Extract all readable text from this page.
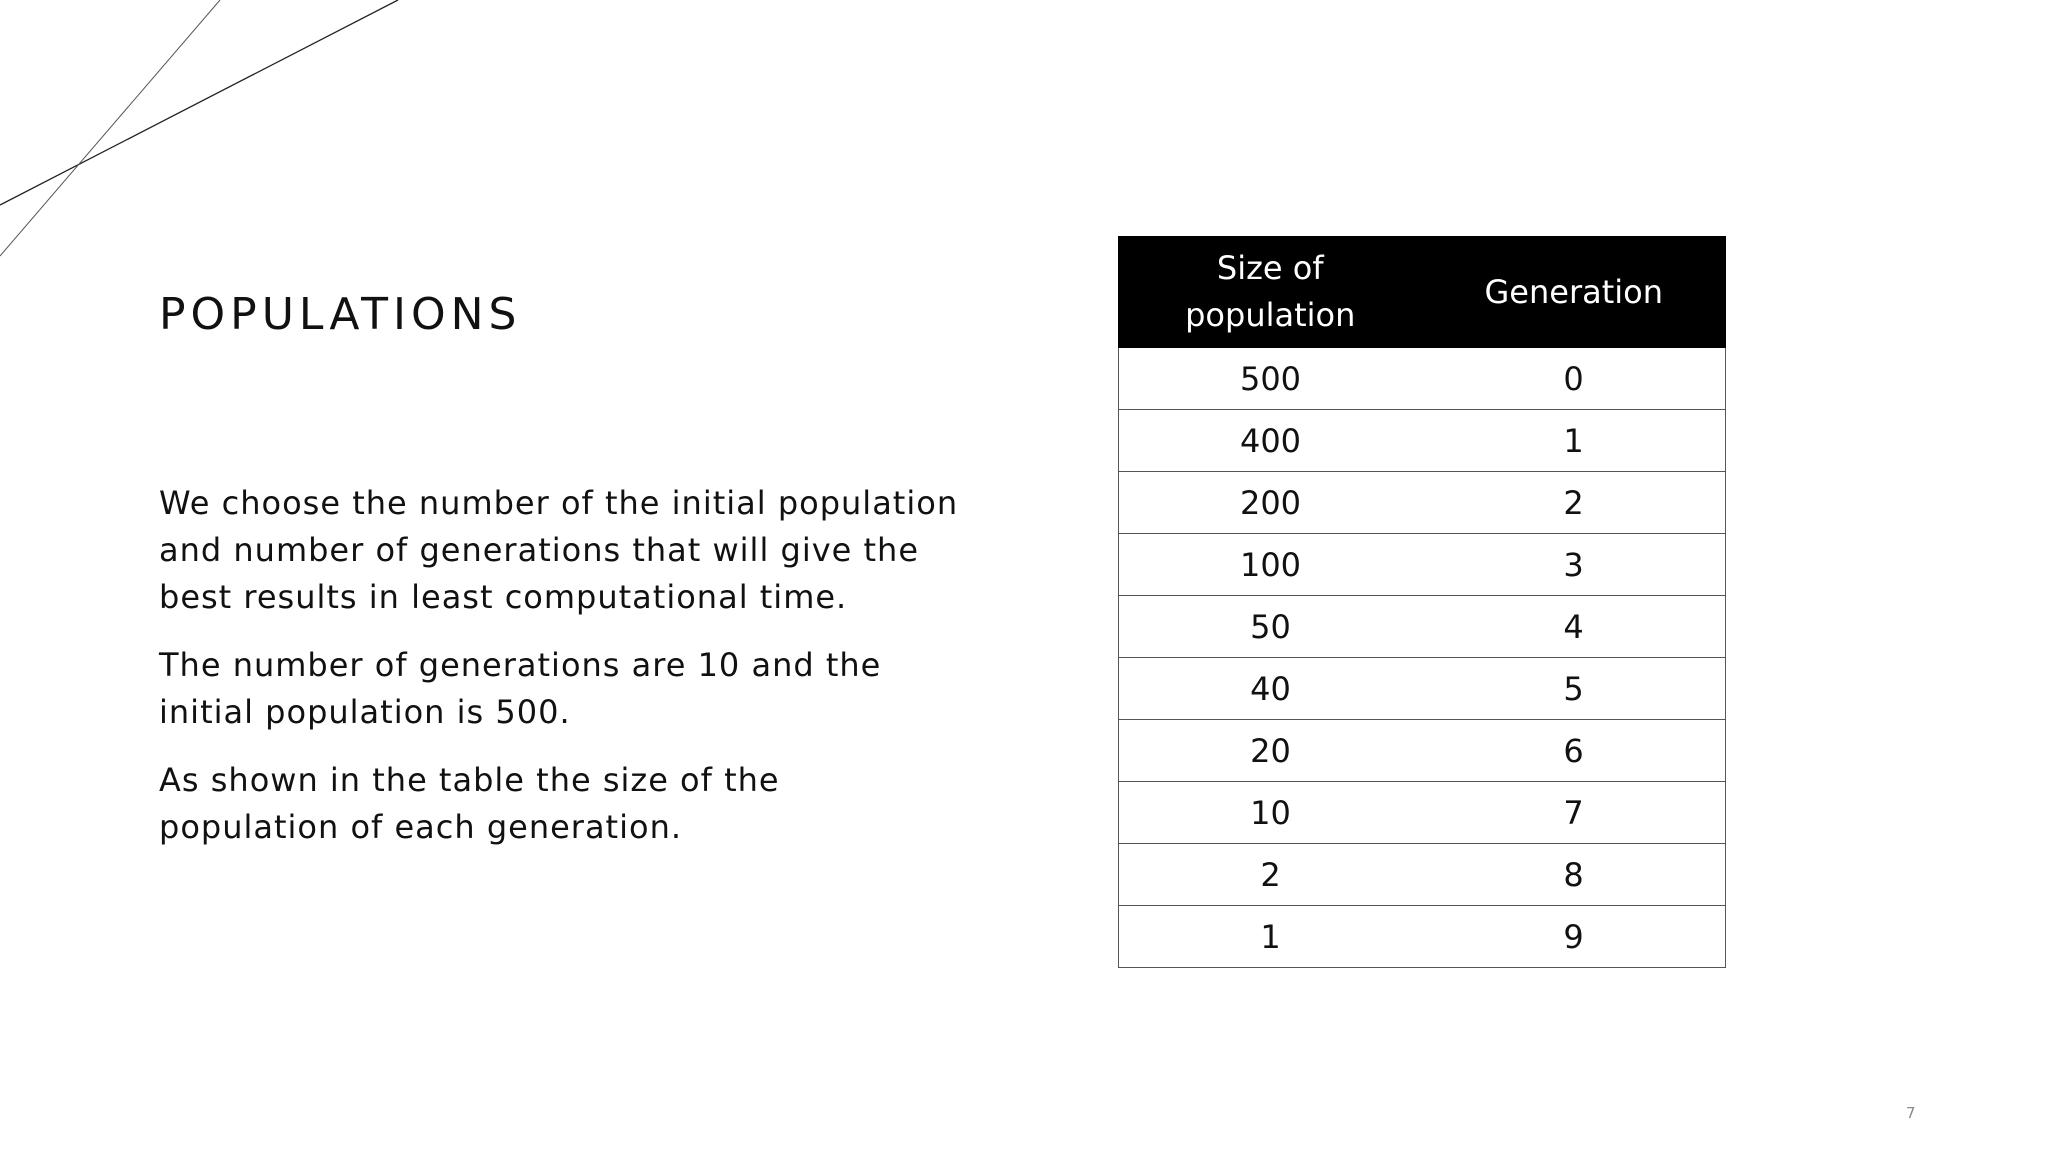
POPULATIONS

We choose the number of the initial population and number of generations that will give the best results in least computational time.

The number of generations are 10 and the initial population is 500.

As shown in the table the size of the population of each generation.

Size of population	Generation
500	0
400	1
200	2
100	3
50	4
40	5
20	6
10	7
2	8
1	9
7
